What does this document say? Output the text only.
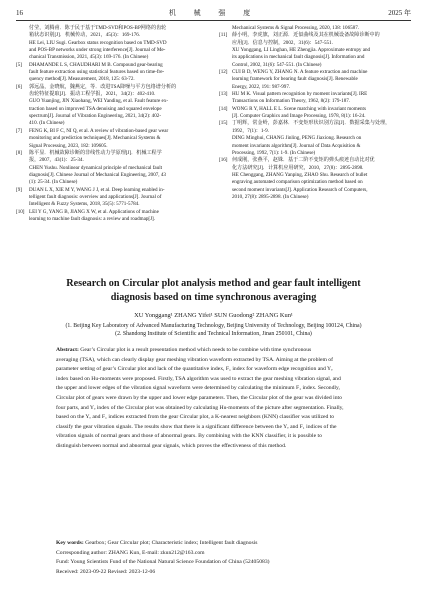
16	机 械 强 度	2025 年
付莹，刘腾甫．陈于民于基于TMD-SVD和POS-BP网络的齿轮
箱状态识别[J]．机械传动，2021，45(3)：169-176.
HE Lei, LIU Sugi. Gearbox status recognition based on TMD-SVD
and POS-BP networks under strong interference[J]. Journal of Me-
chanical Transmission, 2021, 45(3): 169-176. (In Chinese)
[5]	DHAMANDE L S, CHAUDHARI M B. Compound gear-bearing
fault feature extraction using statistical features based on time-fre-
quency method[J]. Measurement, 2018, 125: 63-72.
[6]	郭远晶，金晓航，魏燕定，等．改进TSA降噪与平方包络谱分析的
齿轮特征提取[J]．振动工程学报，2021，34(2)：402-410.
GUO Yuanjing, JIN Xiaohang, WEI Yanding, et al. Fault feature ex-
traction based on improved TSA denoising and squared envelope
spectrum[J]. Journal of Vibration Engineering, 2021, 34(2): 402-
410. (In Chinese)
[7]	FENG K, BI F C, NI Q, et al. A review of vibration-based gear wear
monitoring and prediction techniques[J]. Mechanical Systems &
Signal Processing, 2023, 182: 109605.
[8]	陈平显．机械故障诊断的非线性动力学原理[J]．机械工程学
报，2007，43(1)：25-34.
CHEN Yushu. Nonlinear dynamical principle of mechanical fault
diagnosis[J]. Chinese Journal of Mechanical Engineering, 2007, 43
(1): 25-34. (In Chinese)
[9]	DUAN L X, XIE M Y, WANG J J, et al. Deep learning enabled in-
telligent fault diagnosis: overview and applications[J]. Journal of
Intelligent & Fuzzy Systems, 2018, 35(5): 5771-5784.
[10] LEI Y G, YANG B, JIANG X W, et al. Applications of machine
learning to machine fault diagnosis: a review and roadmap[J].
Mechanical Systems & Signal Processing, 2020, 138: 106587.
[11] 薛小明，李虎旗，刘正源．近似曲线及其在机械设备故障诊断中的
应用[J]．信息与控制，2002，31(6)：547-551.
XU Yonggang, LI Linghan, HE Zhengjia. Approximate entropy and
its applications in mechanical fault diagnosis[J]. Information and
Control, 2002, 31(6): 547-551. (In Chinese)
[12] CUI B D, WENG Y, ZHANG N. A feature extraction and machine
learning framework for bearing fault diagnosis[J]. Renewable
Energy, 2022, 191: 987-997.
[13] HU M K. Visual pattern recognition by moment invariants[J]. IRE
Transactions on Information Theory, 1962, 8(2): 179-187.
[14] WONG R Y, HALL E L. Scene matching with invariant moments
[J]. Computer Graphics and Image Processing, 1978, 8(1): 16-24.
[15] 丁明辉，常金岭，彭嘉林．不变矩形状识别方法[J]．数据采集与处理，
1992，7(1)：1-9.
DING Minghui, CHANG Jinling, PENG Jiaxiong. Research on
moment invariants algorithm[J]. Journal of Data Acquisition &
Processing, 1992, 7(1): 1-9. (In Chinese)
[16] 何成刚，张燕平，赵姝．基于二阶不变矩的弹头痕迹自动比对优
化方法研究[J]．计算机应用研究，2010，27(8)：2895-2898.
HE Chenggang, ZHANG Yanping, ZHAO Shu. Research of bullet
engraving automated comparison optimization method based on
second moment invariants[J]. Application Research of Computers,
2010, 27(8): 2895-2898. (In Chinese)
Research on Circular plot analysis method and gear fault intelligent
diagnosis based on time synchronous averaging
XU Yonggang¹ ZHANG Yifei¹ SUN Guodong² ZHANG Kun¹
(1. Beijing Key Laboratory of Advanced Manufacturing Technology, Beijing University of Technology, Beijing 100124, China)
(2. Shandong Institute of Scientific and Technical Information, Jinan 250101, China)
Abstract: Gear’s Circular plot is a result presentation method which needs to be combine with time synchronous
averaging (TSA), which can clearly display gear meshing vibration waveform extracted by TSA. Aiming at the problem of
parameter setting of gear’s Circular plot and lack of the quantitative index, F₁ index for waveform edge recognition and Yₑ
index based on Hu-moments were proposed. Firstly, TSA algorithm was used to extract the gear meshing vibration signal, and
the upper and lower edges of the vibration signal waveform were determined by calculating the minimum F₁ index. Secondly,
Circular plot of gears were drawn by the upper and lower edge parameters. Then, the Circular plot of the gear was divided into
four parts, and Yₑ index of the Circular plot was obtained by calculating Hu-moments of the picture after segmentation. Finally,
based on the Yₑ and F₁ indices extracted from the gear Circular plot, a K-nearest neighbors (KNN) classifier was utilized to
classify the gear vibration signals. The results show that there is a significant difference between the Yₑ and F₁ indices of the
vibration signals of normal gears and those of abnormal gears. By combining with the KNN classifier, it is possible to
distinguish between normal and abnormal gear signals, which proves the effectiveness of this method.
Key words: Gearbox; Gear Circular plot; Characteristic index; Intelligent fault diagnosis
Corresponding author: ZHANG Kun, E-mail: zkun212@163.com
Fund: Young Scientists Fund of the National Natural Science Foundation of China (52405083)
Received: 2023-09-22 Revised: 2023-12-06
